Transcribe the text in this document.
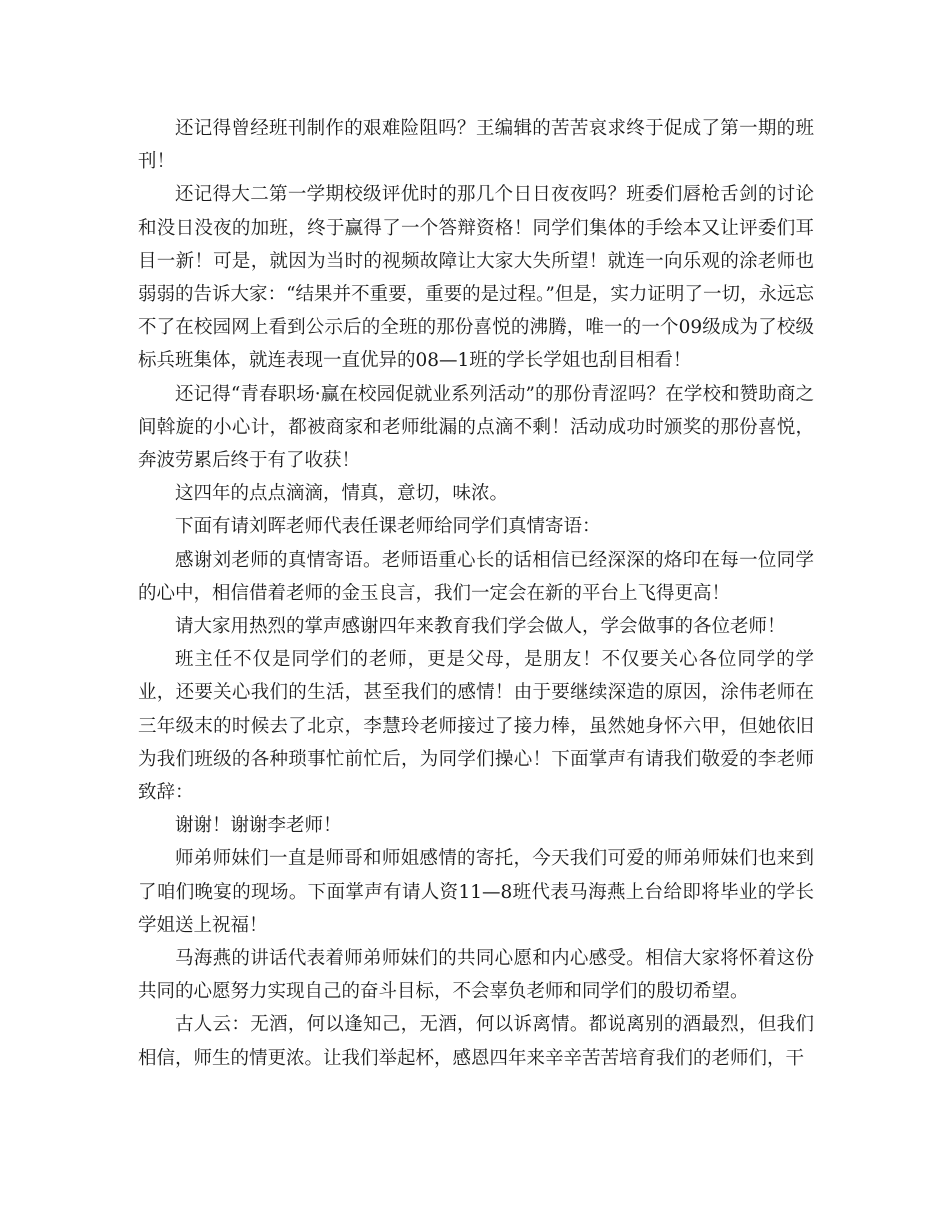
还记得曾经班刊制作的艰难险阻吗？王编辑的苦苦哀求终于促成了第一期的班刊！

还记得大二第一学期校级评优时的那几个日日夜夜吗？班委们唇枪舌剑的讨论和没日没夜的加班，终于赢得了一个答辩资格！同学们集体的手绘本又让评委们耳目一新！可是，就因为当时的视频故障让大家大失所望！就连一向乐观的涂老师也弱弱的告诉大家：“结果并不重要，重要的是过程。”但是，实力证明了一切，永远忘不了在校园网上看到公示后的全班的那份喜悦的沸腾，唯一的一个09级成为了校级标兵班集体，就连表现一直优异的08—1班的学长学姐也刮目相看！

还记得“青春职场·赢在校园促就业系列活动”的那份青涩吗？在学校和赞助商之间斡旋的小心计，都被商家和老师纰漏的点滴不剩！活动成功时颁奖的那份喜悦，奔波劳累后终于有了收获！

这四年的点点滴滴，情真，意切，味浓。

下面有请刘晖老师代表任课老师给同学们真情寄语：

感谢刘老师的真情寄语。老师语重心长的话相信已经深深的烙印在每一位同学的心中，相信借着老师的金玉良言，我们一定会在新的平台上飞得更高！

请大家用热烈的掌声感谢四年来教育我们学会做人，学会做事的各位老师！

班主任不仅是同学们的老师，更是父母，是朋友！不仅要关心各位同学的学业，还要关心我们的生活，甚至我们的感情！由于要继续深造的原因，涂伟老师在三年级末的时候去了北京，李慧玲老师接过了接力棒，虽然她身怀六甲，但她依旧为我们班级的各种琐事忙前忙后，为同学们操心！下面掌声有请我们敬爱的李老师致辞：

谢谢！谢谢李老师！

师弟师妹们一直是师哥和师姐感情的寄托，今天我们可爱的师弟师妹们也来到了咱们晚宴的现场。下面掌声有请人资11—8班代表马海燕上台给即将毕业的学长学姐送上祝福！

马海燕的讲话代表着师弟师妹们的共同心愿和内心感受。相信大家将怀着这份共同的心愿努力实现自己的奋斗目标，不会辜负老师和同学们的殷切希望。

古人云：无酒，何以逢知己，无酒，何以诉离情。都说离别的酒最烈，但我们相信，师生的情更浓。让我们举起杯，感恩四年来辛辛苦苦培育我们的老师们，干
